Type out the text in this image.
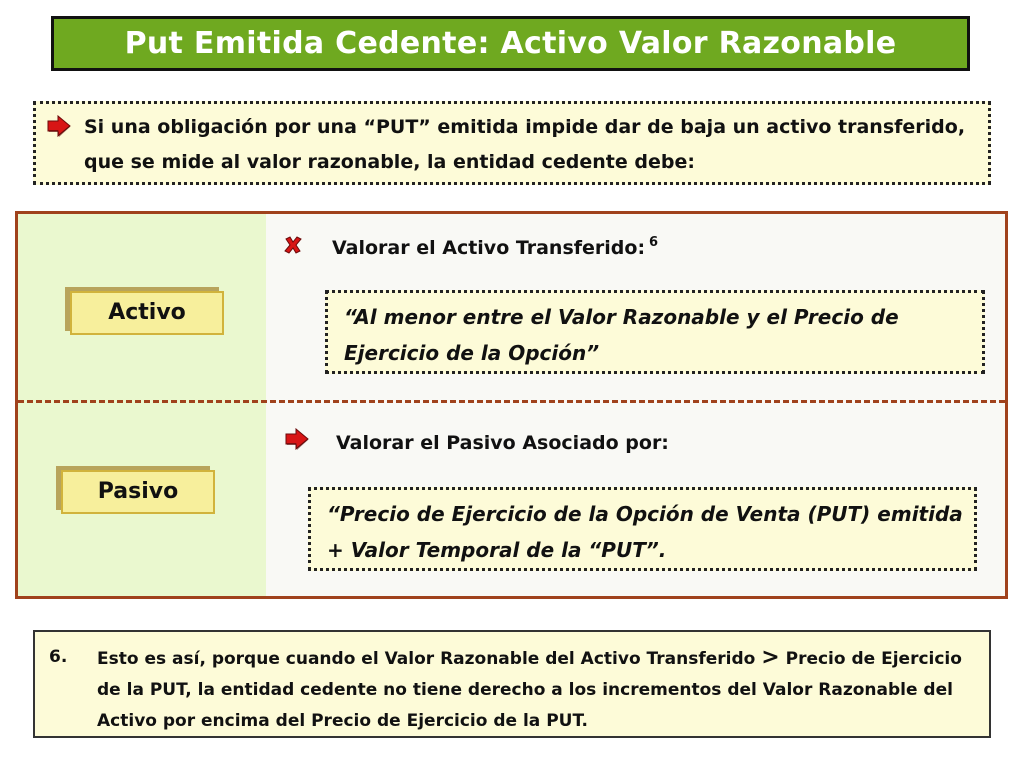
Put Emitida Cedente: Activo Valor Razonable
Si una obligación por una “PUT” emitida impide dar de baja un activo transferido, que se mide al valor razonable, la entidad cedente debe:
Activo
Valorar el Activo Transferido: $^6$
“Al menor entre el Valor Razonable y el Precio de Ejercicio de la Opción”
Pasivo
Valorar el Pasivo Asociado por:
“Precio de Ejercicio de la Opción de Venta (PUT) emitida + Valor Temporal de la “PUT”.
6. Esto es así, porque cuando el Valor Razonable del Activo Transferido > Precio de Ejercicio de la PUT, la entidad cedente no tiene derecho a los incrementos del Valor Razonable del Activo por encima del Precio de Ejercicio de la PUT.
